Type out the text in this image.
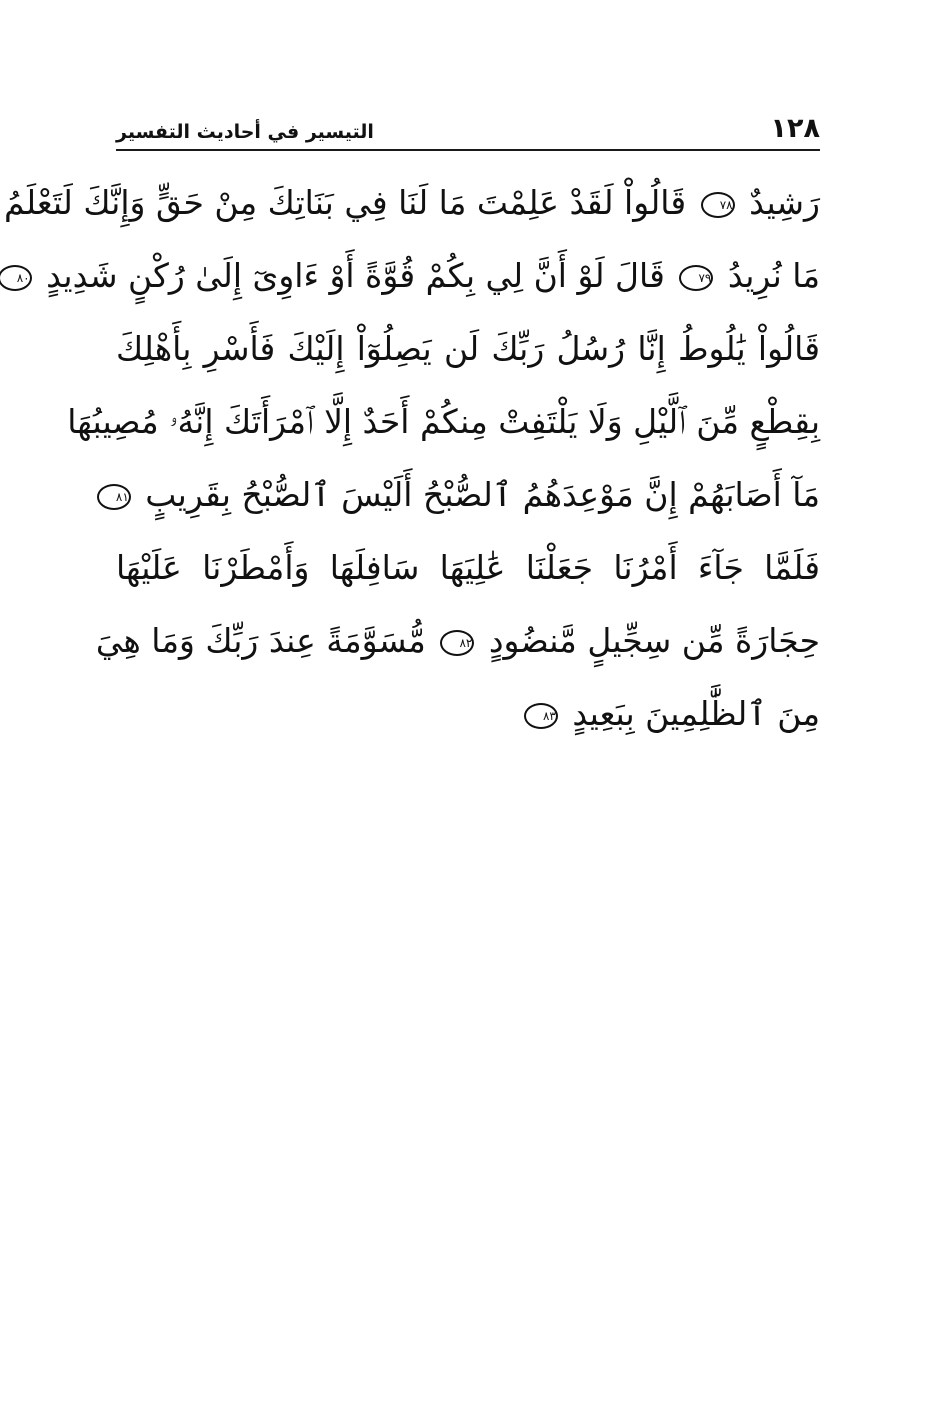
١٢٨
التيسير في أحاديث التفسير
رَشِيدٌ ٧٨ قَالُواْ لَقَدْ عَلِمْتَ مَا لَنَا فِي بَنَاتِكَ مِنْ حَقٍّ وَإِنَّكَ لَتَعْلَمُ
مَا نُرِيدُ ٧٩ قَالَ لَوْ أَنَّ لِي بِكُمْ قُوَّةً أَوْ ءَاوِىٓ إِلَىٰ رُكْنٍ شَدِيدٍ ٨٠
قَالُواْ يَٰلُوطُ إِنَّا رُسُلُ رَبِّكَ لَن يَصِلُوٓاْ إِلَيْكَ فَأَسْرِ بِأَهْلِكَ
بِقِطْعٍ مِّنَ ٱلَّيْلِ وَلَا يَلْتَفِتْ مِنكُمْ أَحَدٌ إِلَّا ٱمْرَأَتَكَ إِنَّهُۥ مُصِيبُهَا
مَآ أَصَابَهُمْ إِنَّ مَوْعِدَهُمُ ٱلصُّبْحُ أَلَيْسَ ٱلصُّبْحُ بِقَرِيبٍ ٨١
فَلَمَّا جَآءَ أَمْرُنَا جَعَلْنَا عَٰلِيَهَا سَافِلَهَا وَأَمْطَرْنَا عَلَيْهَا
حِجَارَةً مِّن سِجِّيلٍ مَّنضُودٍ ٨٢ مُّسَوَّمَةً عِندَ رَبِّكَ وَمَا هِيَ
مِنَ ٱلظَّٰلِمِينَ بِبَعِيدٍ ٨٣
